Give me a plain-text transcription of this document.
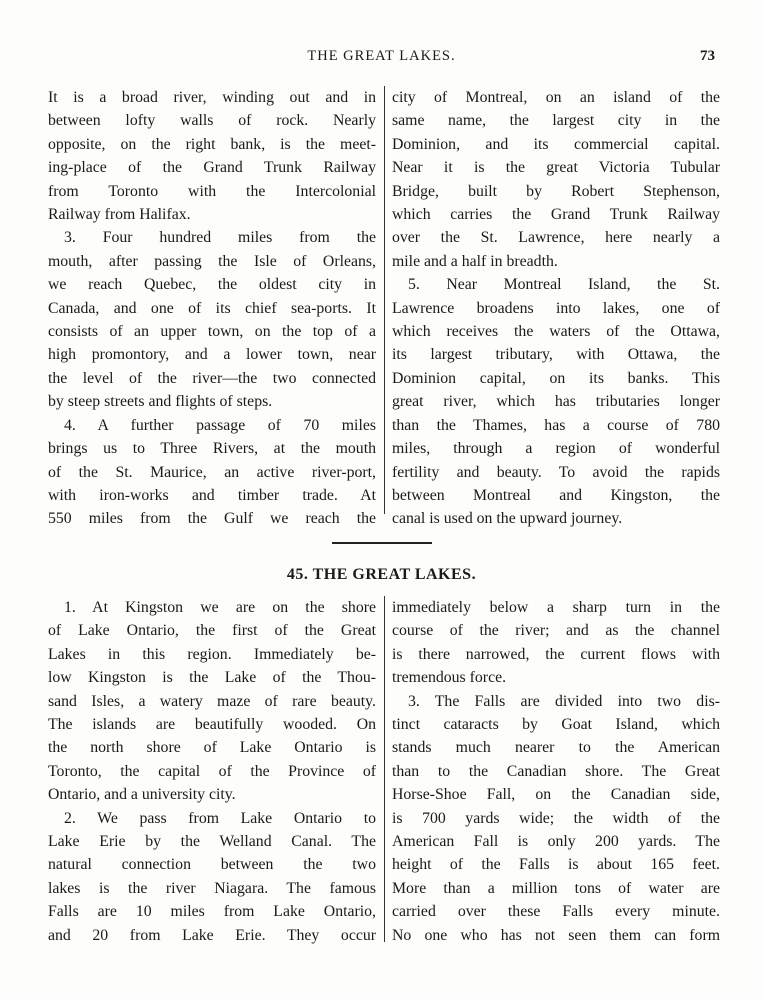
THE GREAT LAKES.	73

It is a broad river, winding out and in

between lofty walls of rock. Nearly

opposite, on the right bank, is the meet-

ing-place of the Grand Trunk Railway

from Toronto with the Intercolonial

Railway from Halifax.

3. Four hundred miles from the

mouth, after passing the Isle of Orleans,

we reach Quebec, the oldest city in

Canada, and one of its chief sea-ports. It

consists of an upper town, on the top of a

high promontory, and a lower town, near

the level of the river—the two connected

by steep streets and flights of steps.

4. A further passage of 70 miles

brings us to Three Rivers, at the mouth

of the St. Maurice, an active river-port,

with iron-works and timber trade. At

550 miles from the Gulf we reach the

city of Montreal, on an island of the

same name, the largest city in the

Dominion, and its commercial capital.

Near it is the great Victoria Tubular

Bridge, built by Robert Stephenson,

which carries the Grand Trunk Railway

over the St. Lawrence, here nearly a

mile and a half in breadth.

5. Near Montreal Island, the St.

Lawrence broadens into lakes, one of

which receives the waters of the Ottawa,

its largest tributary, with Ottawa, the

Dominion capital, on its banks. This

great river, which has tributaries longer

than the Thames, has a course of 780

miles, through a region of wonderful

fertility and beauty. To avoid the rapids

between Montreal and Kingston, the

canal is used on the upward journey.

45. THE GREAT LAKES.

1. At Kingston we are on the shore

of Lake Ontario, the first of the Great

Lakes in this region. Immediately be-

low Kingston is the Lake of the Thou-

sand Isles, a watery maze of rare beauty.

The islands are beautifully wooded. On

the north shore of Lake Ontario is

Toronto, the capital of the Province of

Ontario, and a university city.

2. We pass from Lake Ontario to

Lake Erie by the Welland Canal. The

natural connection between the two

lakes is the river Niagara. The famous

Falls are 10 miles from Lake Ontario,

and 20 from Lake Erie. They occur

immediately below a sharp turn in the

course of the river; and as the channel

is there narrowed, the current flows with

tremendous force.

3. The Falls are divided into two dis-

tinct cataracts by Goat Island, which

stands much nearer to the American

than to the Canadian shore. The Great

Horse-Shoe Fall, on the Canadian side,

is 700 yards wide; the width of the

American Fall is only 200 yards. The

height of the Falls is about 165 feet.

More than a million tons of water are

carried over these Falls every minute.

No one who has not seen them can form
